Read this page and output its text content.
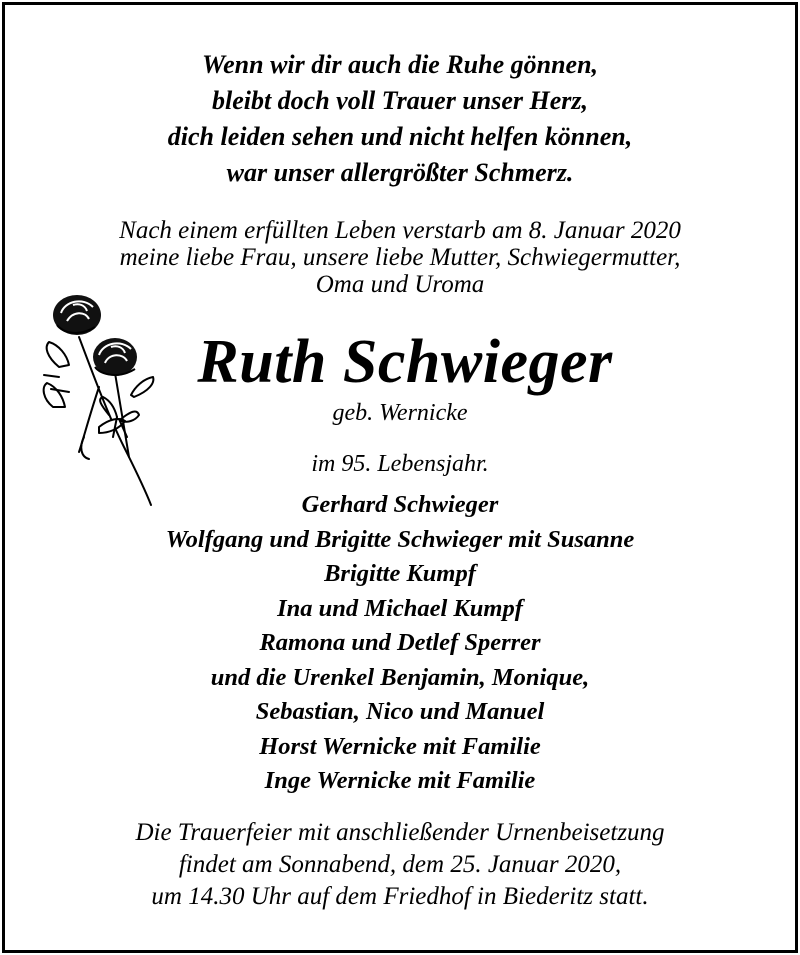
Wenn wir dir auch die Ruhe gönnen,
bleibt doch voll Trauer unser Herz,
dich leiden sehen und nicht helfen können,
war unser allergrößter Schmerz.
Nach einem erfüllten Leben verstarb am 8. Januar 2020
meine liebe Frau, unsere liebe Mutter, Schwiegermutter,
Oma und Uroma
Ruth Schwieger
geb. Wernicke
im 95. Lebensjahr.
Gerhard Schwieger
Wolfgang und Brigitte Schwieger mit Susanne
Brigitte Kumpf
Ina und Michael Kumpf
Ramona und Detlef Sperrer
und die Urenkel Benjamin, Monique,
Sebastian, Nico und Manuel
Horst Wernicke mit Familie
Inge Wernicke mit Familie
Die Trauerfeier mit anschließender Urnenbeisetzung
findet am Sonnabend, dem 25. Januar 2020,
um 14.30 Uhr auf dem Friedhof in Biederitz statt.
